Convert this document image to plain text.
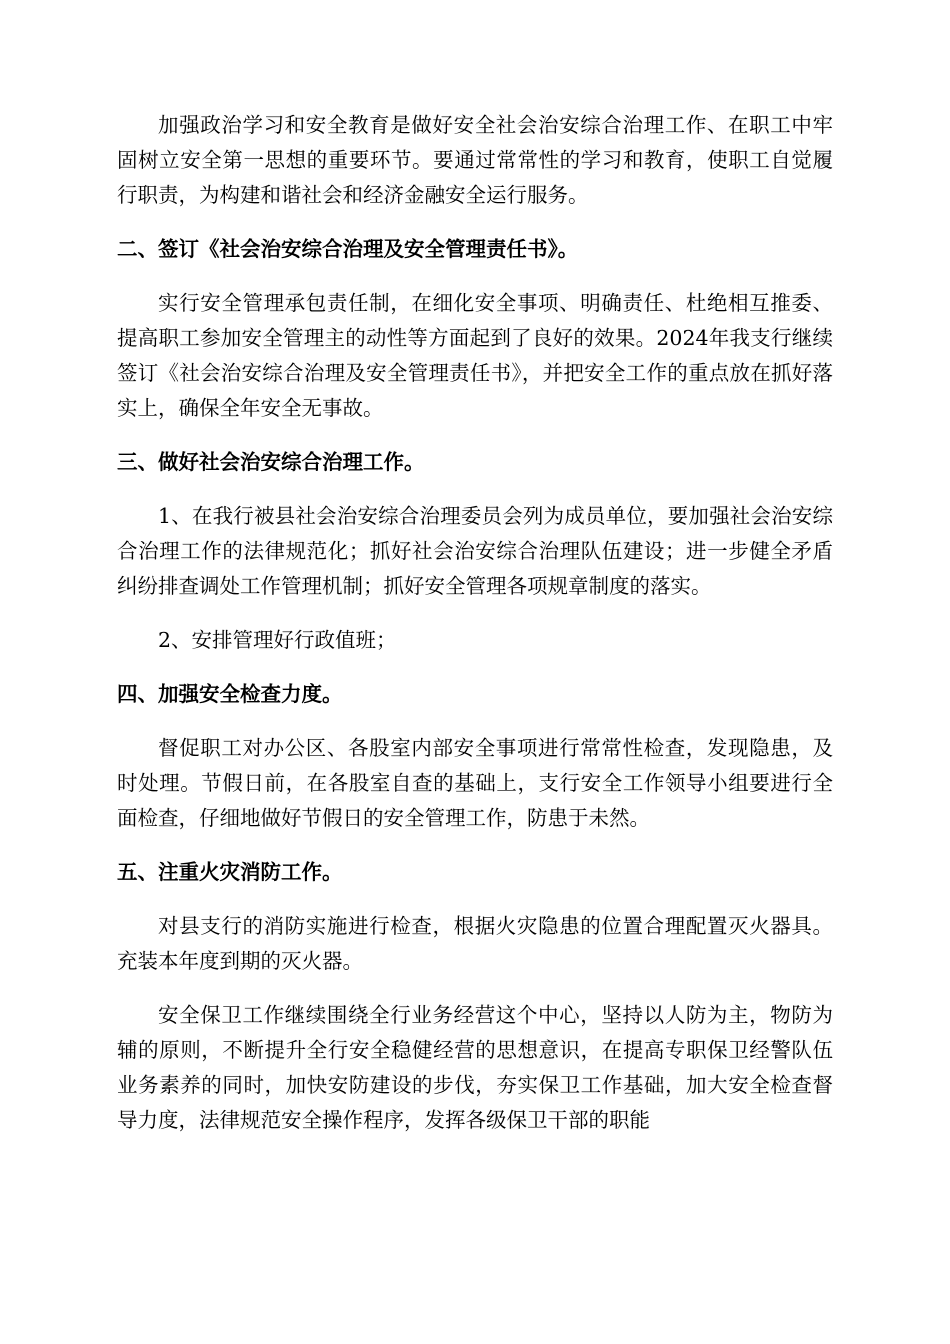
加强政治学习和安全教育是做好安全社会治安综合治理工作、在职工中牢固树立安全第一思想的重要环节。要通过常常性的学习和教育，使职工自觉履行职责，为构建和谐社会和经济金融安全运行服务。

二、签订《社会治安综合治理及安全管理责任书》。

实行安全管理承包责任制，在细化安全事项、明确责任、杜绝相互推委、提高职工参加安全管理主的动性等方面起到了良好的效果。2024年我支行继续签订《社会治安综合治理及安全管理责任书》，并把安全工作的重点放在抓好落实上，确保全年安全无事故。

三、做好社会治安综合治理工作。

1、在我行被县社会治安综合治理委员会列为成员单位，要加强社会治安综合治理工作的法律规范化；抓好社会治安综合治理队伍建设；进一步健全矛盾纠纷排查调处工作管理机制；抓好安全管理各项规章制度的落实。

2、安排管理好行政值班；

四、加强安全检查力度。

督促职工对办公区、各股室内部安全事项进行常常性检查，发现隐患，及时处理。节假日前，在各股室自查的基础上，支行安全工作领导小组要进行全面检查，仔细地做好节假日的安全管理工作，防患于未然。

五、注重火灾消防工作。

对县支行的消防实施进行检查，根据火灾隐患的位置合理配置灭火器具。充装本年度到期的灭火器。

安全保卫工作继续围绕全行业务经营这个中心，坚持以人防为主，物防为辅的原则，不断提升全行安全稳健经营的思想意识，在提高专职保卫经警队伍业务素养的同时，加快安防建设的步伐，夯实保卫工作基础，加大安全检查督导力度，法律规范安全操作程序，发挥各级保卫干部的职能
